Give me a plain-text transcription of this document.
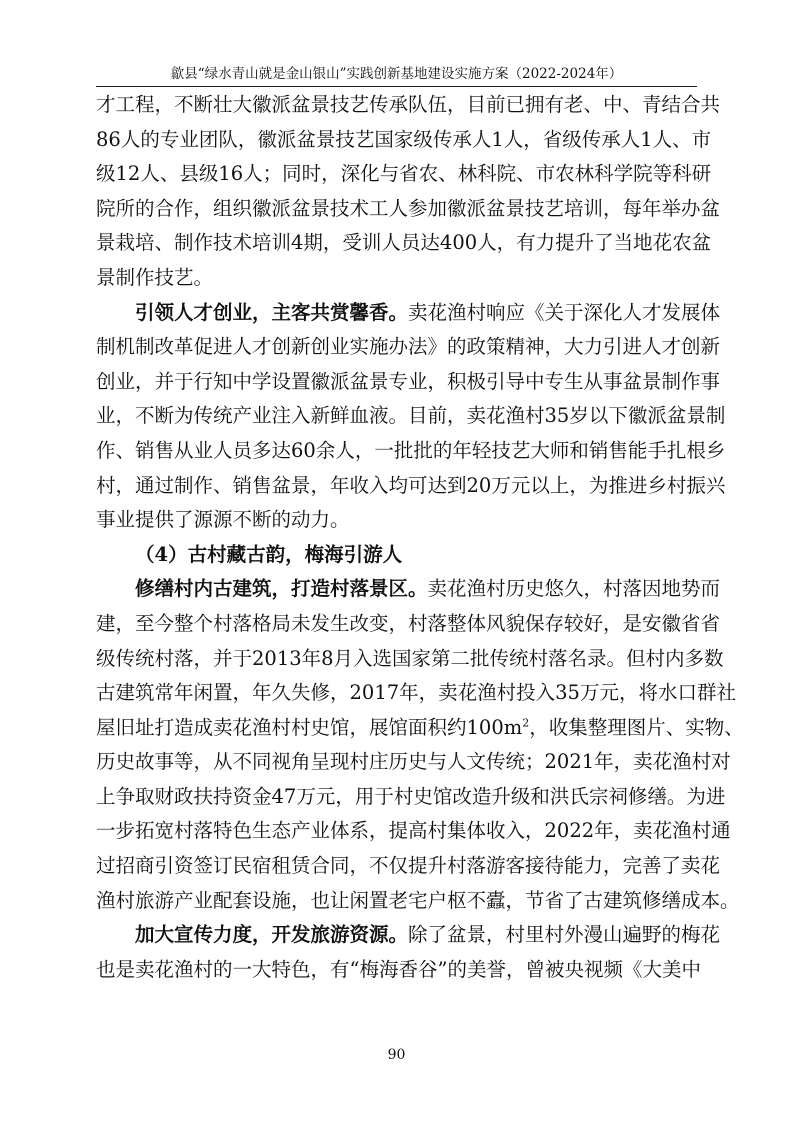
歙县“绿水青山就是金山银山”实践创新基地建设实施方案（2022-2024年）
才工程，不断壮大徽派盆景技艺传承队伍，目前已拥有老、中、青结合共
86人的专业团队，徽派盆景技艺国家级传承人1人，省级传承人1人、市
级12人、县级16人；同时，深化与省农、林科院、市农林科学院等科研
院所的合作，组织徽派盆景技术工人参加徽派盆景技艺培训，每年举办盆
景栽培、制作技术培训4期，受训人员达400人，有力提升了当地花农盆
景制作技艺。
引领人才创业，主客共赏馨香。卖花渔村响应《关于深化人才发展体
制机制改革促进人才创新创业实施办法》的政策精神，大力引进人才创新
创业，并于行知中学设置徽派盆景专业，积极引导中专生从事盆景制作事
业，不断为传统产业注入新鲜血液。目前，卖花渔村35岁以下徽派盆景制
作、销售从业人员多达60余人，一批批的年轻技艺大师和销售能手扎根乡
村，通过制作、销售盆景，年收入均可达到20万元以上，为推进乡村振兴
事业提供了源源不断的动力。
（4）古村藏古韵，梅海引游人
修缮村内古建筑，打造村落景区。卖花渔村历史悠久，村落因地势而
建，至今整个村落格局未发生改变，村落整体风貌保存较好，是安徽省省
级传统村落，并于2013年8月入选国家第二批传统村落名录。但村内多数
古建筑常年闲置，年久失修，2017年，卖花渔村投入35万元，将水口群社
屋旧址打造成卖花渔村村史馆，展馆面积约$100m^2$，收集整理图片、实物、
历史故事等，从不同视角呈现村庄历史与人文传统；2021年，卖花渔村对
上争取财政扶持资金47万元，用于村史馆改造升级和洪氏宗祠修缮。为进
一步拓宽村落特色生态产业体系，提高村集体收入，2022年，卖花渔村通
过招商引资签订民宿租赁合同，不仅提升村落游客接待能力，完善了卖花
渔村旅游产业配套设施，也让闲置老宅户枢不蠹，节省了古建筑修缮成本。
加大宣传力度，开发旅游资源。除了盆景，村里村外漫山遍野的梅花
也是卖花渔村的一大特色，有“梅海香谷”的美誉，曾被央视频《大美中
90
